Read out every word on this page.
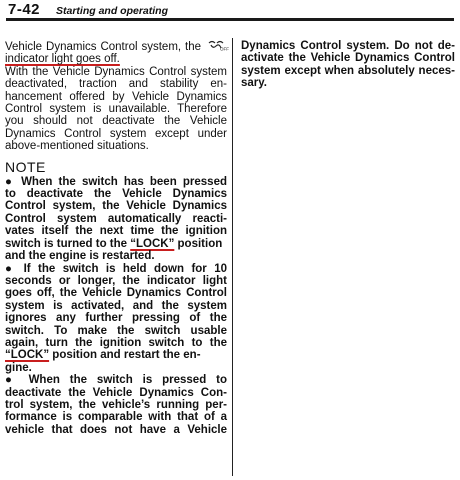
7-42 Starting and operating

Vehicle Dynamics Control system, the	OFF
indicator light goes off.

With the Vehicle Dynamics Control system
deactivated, traction and stability en-
hancement offered by Vehicle Dynamics
Control system is unavailable. Therefore
you should not deactivate the Vehicle
Dynamics Control system except under
above-mentioned situations.

NOTE

● When the switch has been pressed
to deactivate the Vehicle Dynamics
Control system, the Vehicle Dynamics
Control system automatically reacti-
vates itself the next time the ignition
switch is turned to the “LOCK” position
and the engine is restarted.

● If the switch is held down for 10
seconds or longer, the indicator light
goes off, the Vehicle Dynamics Control
system is activated, and the system
ignores any further pressing of the
switch. To make the switch usable
again, turn the ignition switch to the
“LOCK” position and restart the en-
gine.

● When the switch is pressed to
deactivate the Vehicle Dynamics Con-
trol system, the vehicle’s running per-
formance is comparable with that of a
vehicle that does not have a Vehicle

Dynamics Control system. Do not de-
activate the Vehicle Dynamics Control
system except when absolutely neces-
sary.
